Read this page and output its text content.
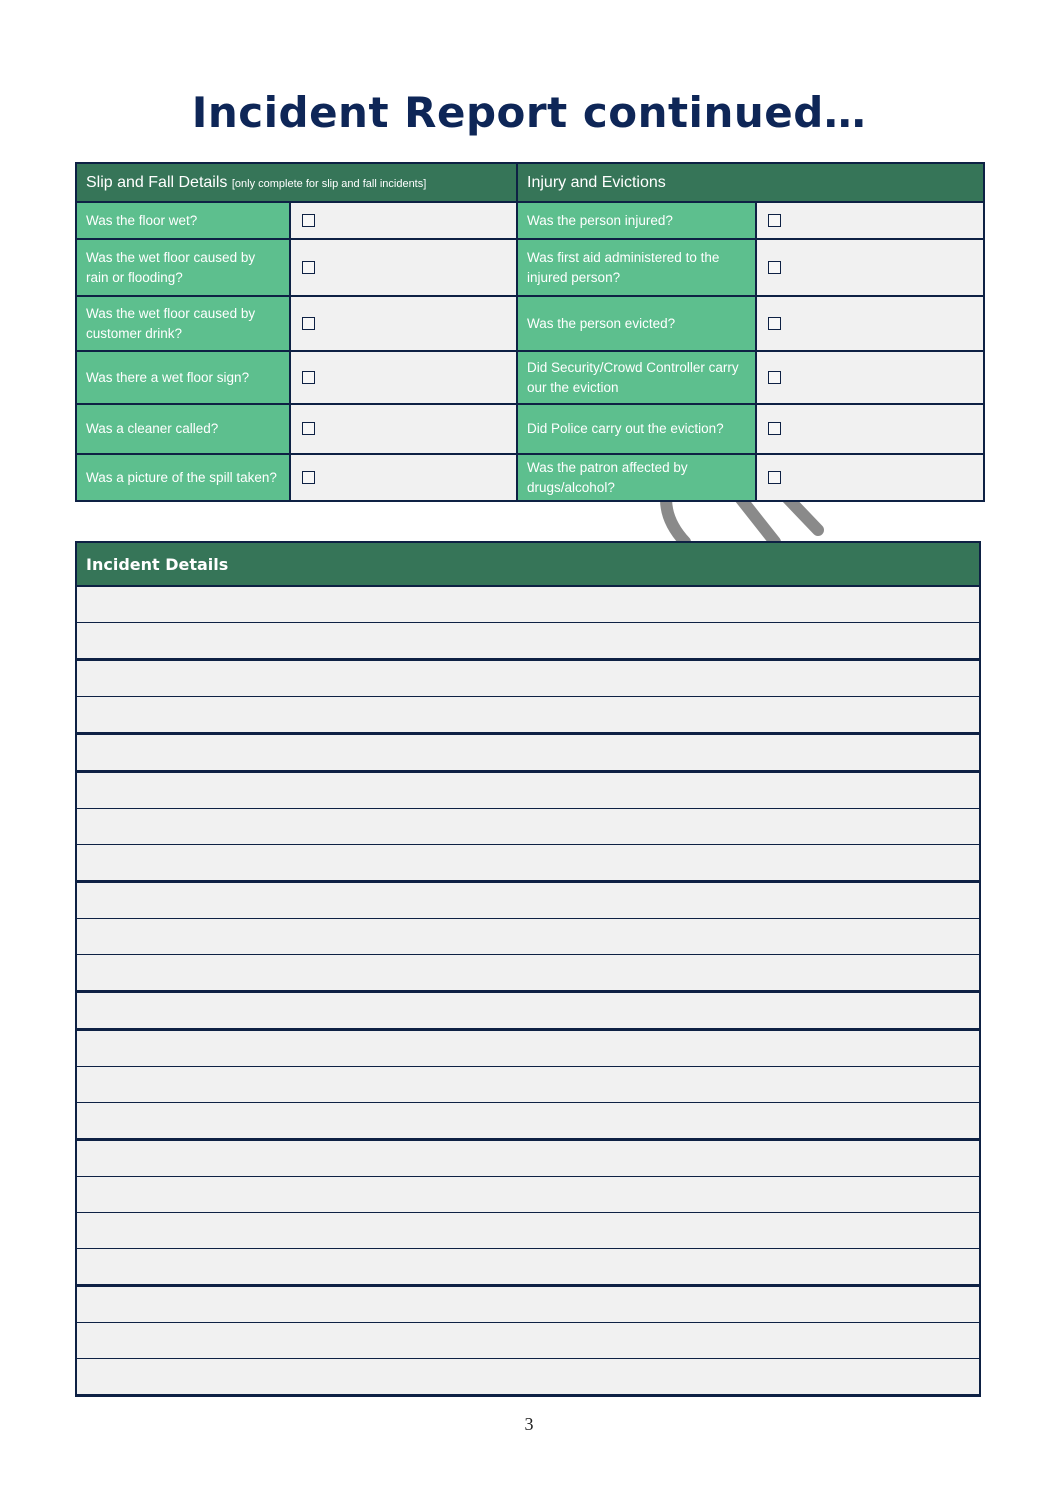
Incident Report continued…
Slip and Fall Details [only complete for slip and fall incidents]		Injury and Evictions	
Was the floor wet?		Was the person injured?	
Was the wet floor caused by rain or flooding?		Was first aid administered to the injured person?	
Was the wet floor caused by customer drink?		Was the person evicted?	
Was there a wet floor sign?		Did Security/Crowd Controller carry our the eviction	
Was a cleaner called?		Did Police carry out the eviction?	
Was a picture of the spill taken?		Was the patron affected by drugs/alcohol?	
Incident Details

3
